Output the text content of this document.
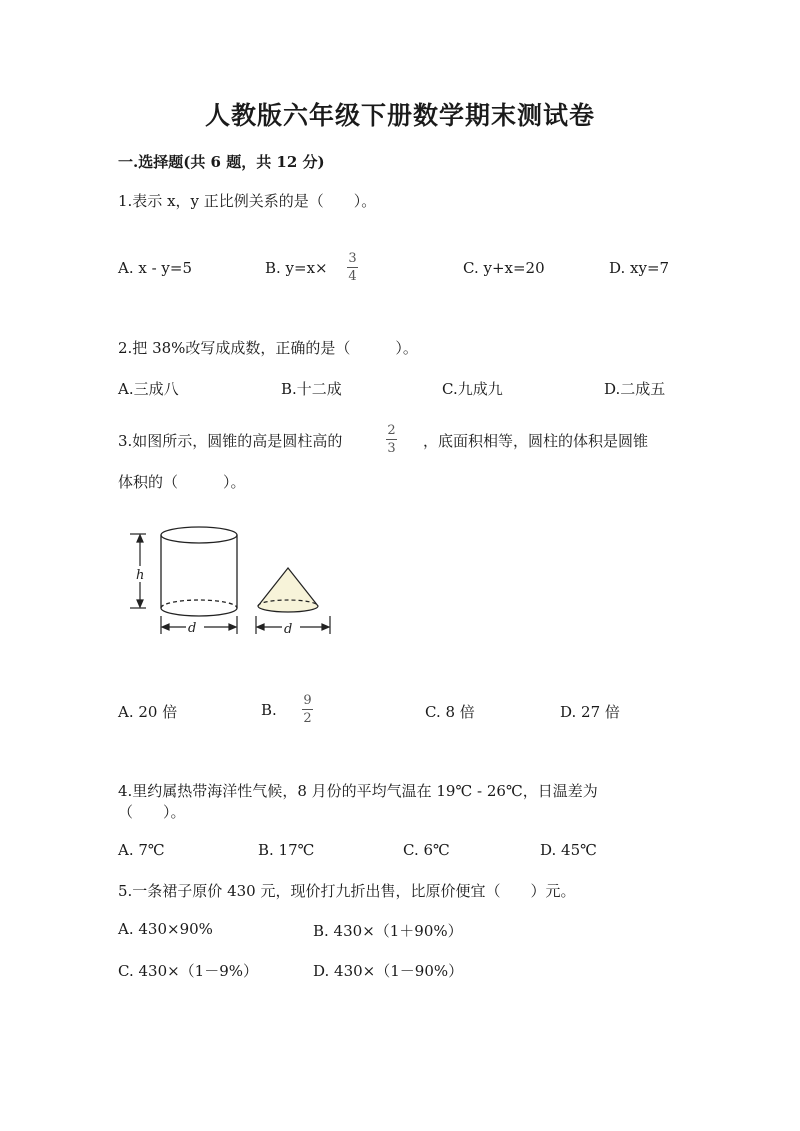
人教版六年级下册数学期末测试卷
一.选择题(共 6 题，共 12 分)
1.表示 x，y 正比例关系的是（　　）。
A. x - y=5	B. y=x×
3
4	C. y+x=20	D. xy=7
2.把 38%改写成成数，正确的是（　　　）。
A.三成八	B.十二成	C.九成九	D.二成五
3.如图所示，圆锥的高是圆柱高的
2
3 ，底面积相等，圆柱的体积是圆锥
体积的（　　　）。
h
d	d
A. 20 倍	B.
9
2	C. 8 倍	D. 27 倍
4.里约属热带海洋性气候，8 月份的平均气温在 19℃ - 26℃，日温差为
（　　）。
A. 7℃	B. 17℃	C. 6℃	D. 45℃
5.一条裙子原价 430 元，现价打九折出售，比原价便宜（　　）元。
A. 430×90%	B. 430×（1＋90%）
C. 430×（1－9%）	D. 430×（1－90%）
